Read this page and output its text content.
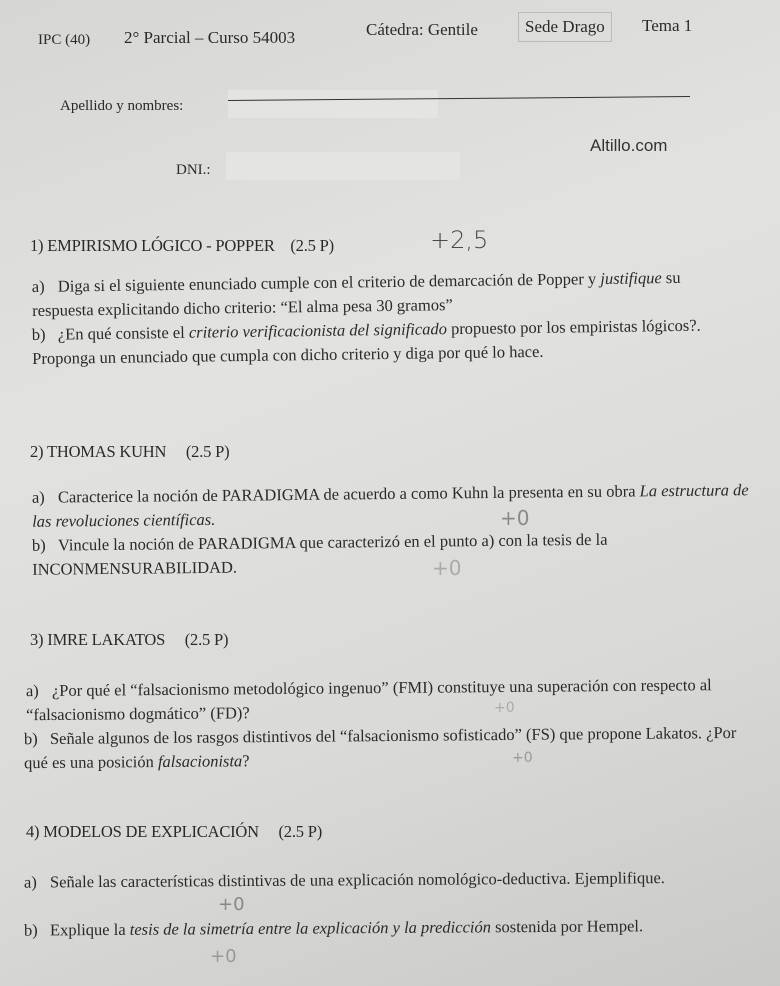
IPC (40) 2° Parcial – Curso 54003	Cátedra: Gentile	Sede Drago	Tema 1
Apellido y nombres:
DNI.:
Altillo.com
1) EMPIRISMO LÓGICO - POPPER (2.5 P)	+2,5
a) Diga si el siguiente enunciado cumple con el criterio de demarcación de Popper y justifique su respuesta explicitando dicho criterio: “El alma pesa 30 gramos”
b) ¿En qué consiste el criterio verificacionista del significado propuesto por los empiristas lógicos?. Proponga un enunciado que cumpla con dicho criterio y diga por qué lo hace.
2) THOMAS KUHN (2.5 P)
a) Caracterice la noción de PARADIGMA de acuerdo a como Kuhn la presenta en su obra La estructura de las revoluciones científicas.	+0
b) Vincule la noción de PARADIGMA que caracterizó en el punto a) con la tesis de la INCONMENSURABILIDAD.	+0
3) IMRE LAKATOS (2.5 P)
a) ¿Por qué el “falsacionismo metodológico ingenuo” (FMI) constituye una superación con respecto al “falsacionismo dogmático” (FD)?	+0
b) Señale algunos de los rasgos distintivos del “falsacionismo sofisticado” (FS) que propone Lakatos. ¿Por qué es una posición falsacionista?	+0
4) MODELOS DE EXPLICACIÓN (2.5 P)
a) Señale las características distintivas de una explicación nomológico-deductiva. Ejemplifique.
+0
b) Explique la tesis de la simetría entre la explicación y la predicción sostenida por Hempel.
+0
